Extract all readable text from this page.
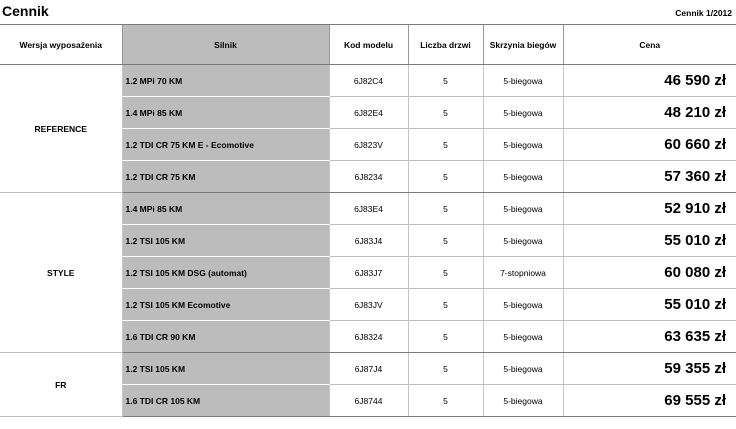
Cennik	Cennik 1/2012
Wersja wyposażenia	Silnik	Kod modelu	Liczba drzwi	Skrzynia biegów	Cena
REFERENCE	1.2 MPi 70 KM	6J82C4	5	5-biegowa	46 590 zł
	1.4 MPi 85 KM	6J82E4	5	5-biegowa	48 210 zł
	1.2 TDI CR 75 KM E - Ecomotive	6J823V	5	5-biegowa	60 660 zł
	1.2 TDI CR 75 KM	6J8234	5	5-biegowa	57 360 zł
STYLE	1.4 MPi 85 KM	6J83E4	5	5-biegowa	52 910 zł
	1.2 TSI 105 KM	6J83J4	5	5-biegowa	55 010 zł
	1.2 TSI 105 KM DSG (automat)	6J83J7	5	7-stopniowa	60 080 zł
	1.2 TSI 105 KM Ecomotive	6J83JV	5	5-biegowa	55 010 zł
	1.6 TDI CR 90 KM	6J8324	5	5-biegowa	63 635 zł
FR	1.2 TSI 105 KM	6J87J4	5	5-biegowa	59 355 zł
	1.6 TDI CR 105 KM	6J8744	5	5-biegowa	69 555 zł
